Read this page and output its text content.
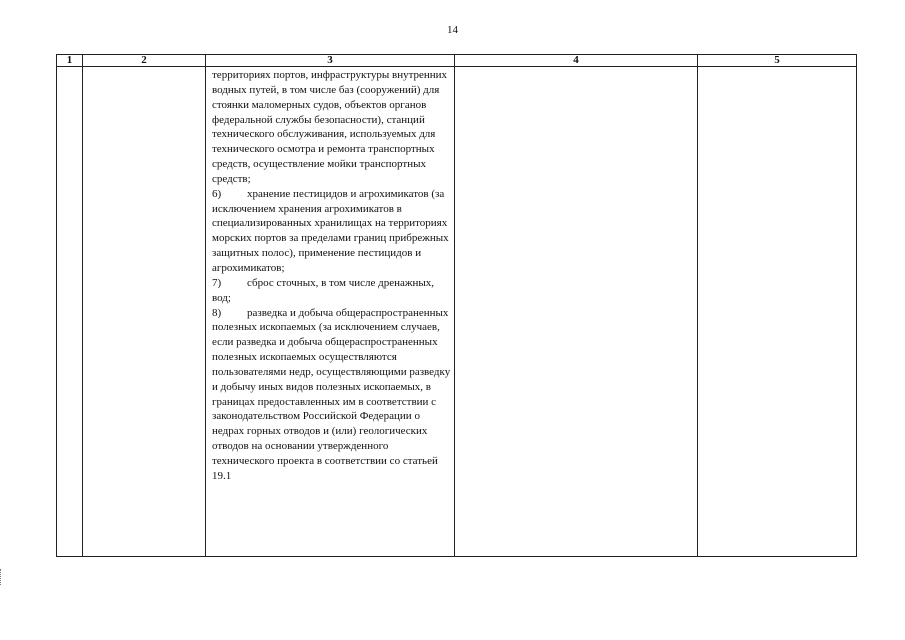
14
1	2	3	4	5

		территориях портов, инфраструктуры внутренних водных путей, в том числе баз (сооружений) для стоянки маломерных судов, объектов органов федеральной службы безопасности), станций технического обслуживания, используемых для технического осмотра и ремонта транспортных средств, осуществление мойки транспортных средств;
6) хранение пестицидов и агрохимикатов (за исключением хранения агрохимикатов в специализированных хранилищах на территориях морских портов за пределами границ прибрежных защитных полос), применение пестицидов и агрохимикатов;
7) сброс сточных, в том числе дренажных, вод;
8) разведка и добыча общераспространенных полезных ископаемых (за исключением случаев, если разведка и добыча общераспространенных полезных ископаемых осуществляются пользователями недр, осуществляющими разведку и добычу иных видов полезных ископаемых, в границах предоставленных им в соответствии с законодательством Российской Федерации о недрах горных отводов и (или) геологических отводов на основании утвержденного технического проекта в соответствии со статьей 19.1		
